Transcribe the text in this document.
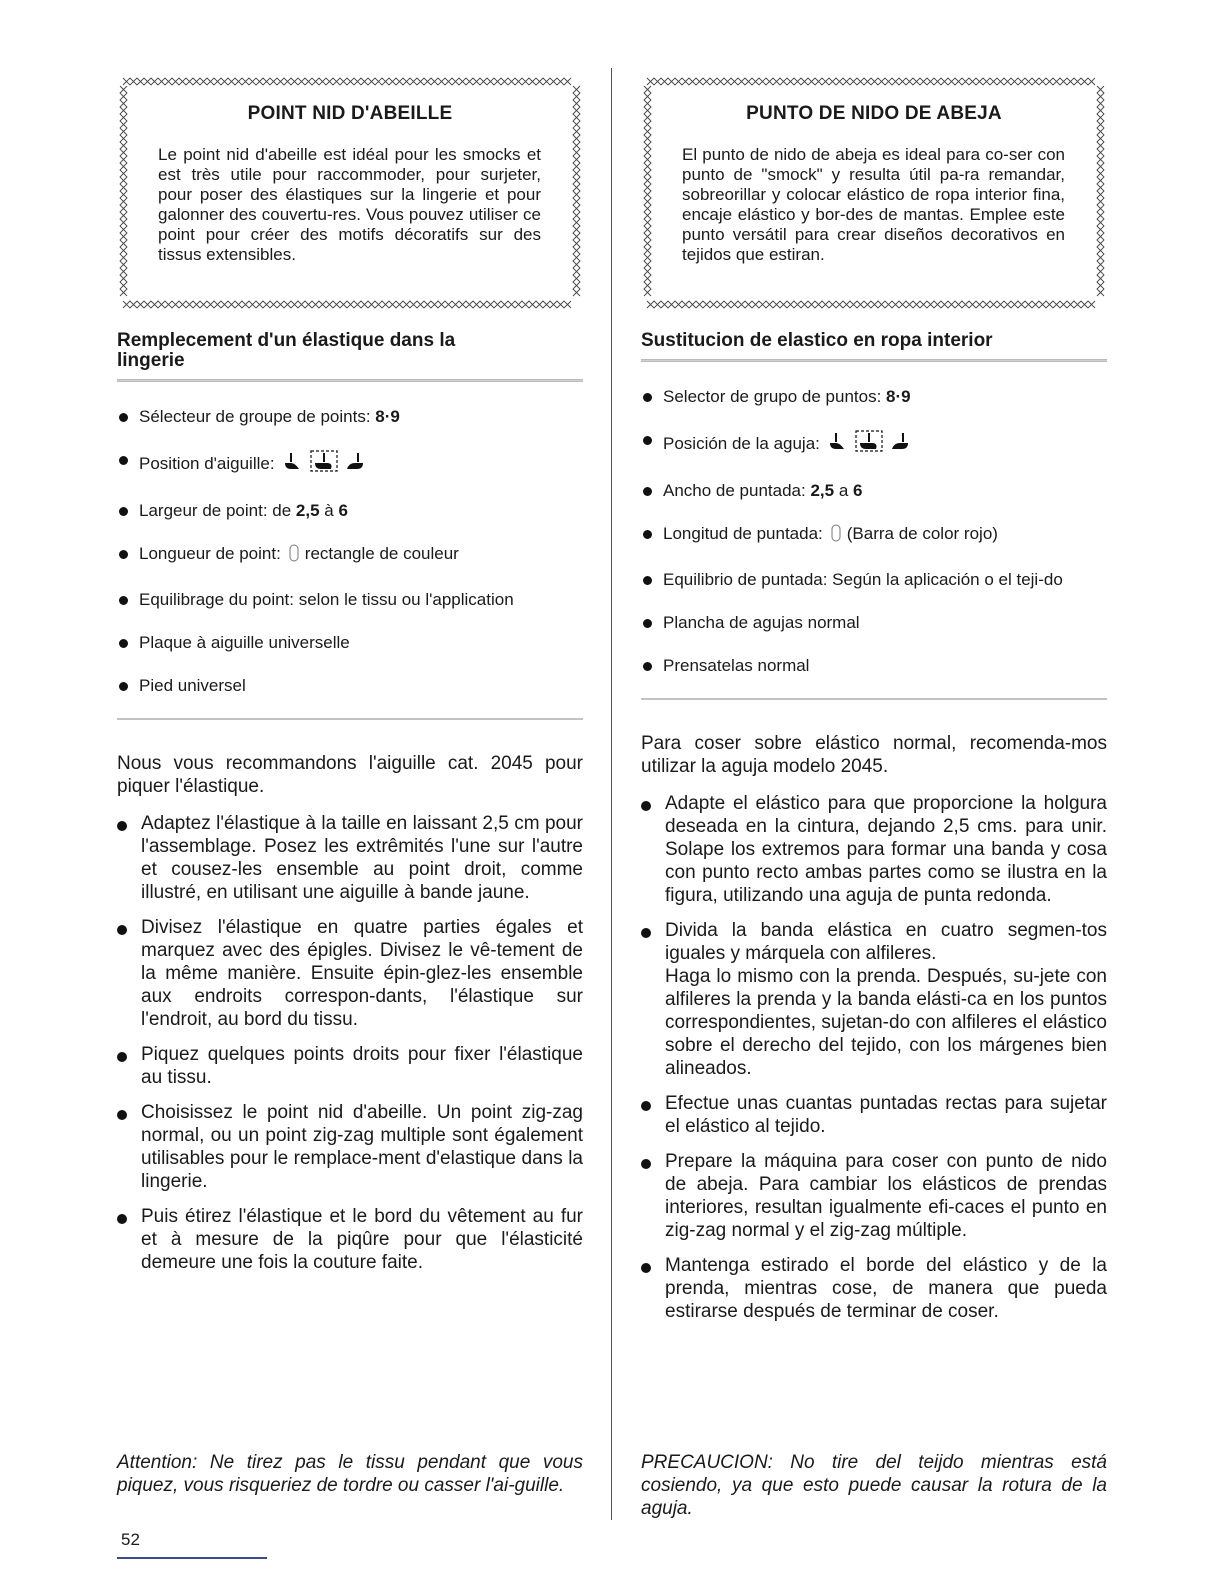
POINT NID D'ABEILLE
Le point nid d'abeille est idéal pour les smocks et est très utile pour raccommoder, pour surjeter, pour poser des élastiques sur la lingerie et pour galonner des couvertu-res. Vous pouvez utiliser ce point pour créer des motifs décoratifs sur des tissus extensibles.
Remplecement d'un élastique dans la lingerie
Sélecteur de groupe de points: 8·9
Position d'aiguille:
Largeur de point: de 2,5 à 6
Longueur de point: rectangle de couleur
Equilibrage du point: selon le tissu ou l'application
Plaque à aiguille universelle
Pied universel

Nous vous recommandons l'aiguille cat. 2045 pour piquer l'élastique.

Adaptez l'élastique à la taille en laissant 2,5 cm pour l'assemblage. Posez les extrêmités l'une sur l'autre et cousez-les ensemble au point droit, comme illustré, en utilisant une aiguille à bande jaune.
Divisez l'élastique en quatre parties égales et marquez avec des épigles. Divisez le vê-tement de la même manière. Ensuite épin-glez-les ensemble aux endroits correspon-dants, l'élastique sur l'endroit, au bord du tissu.
Piquez quelques points droits pour fixer l'élastique au tissu.
Choisissez le point nid d'abeille. Un point zig-zag normal, ou un point zig-zag multiple sont également utilisables pour le remplace-ment d'elastique dans la lingerie.
Puis étirez l'élastique et le bord du vêtement au fur et à mesure de la piqûre pour que l'élasticité demeure une fois la couture faite.
PUNTO DE NIDO DE ABEJA
El punto de nido de abeja es ideal para co-ser con punto de "smock" y resulta útil pa-ra remandar, sobreorillar y colocar elástico de ropa interior fina, encaje elástico y bor-des de mantas. Emplee este punto versátil para crear diseños decorativos en tejidos que estiran.
Sustitucion de elastico en ropa interior
Selector de grupo de puntos: 8·9
Posición de la aguja:
Ancho de puntada: 2,5 a 6
Longitud de puntada: (Barra de color rojo)
Equilibrio de puntada: Según la aplicación o el teji-do
Plancha de agujas normal
Prensatelas normal

Para coser sobre elástico normal, recomenda-mos utilizar la aguja modelo 2045.

Adapte el elástico para que proporcione la holgura deseada en la cintura, dejando 2,5 cms. para unir. Solape los extremos para formar una banda y cosa con punto recto ambas partes como se ilustra en la figura, utilizando una aguja de punta redonda.
Divida la banda elástica en cuatro segmen-tos iguales y márquela con alfileres.
Haga lo mismo con la prenda. Después, su-jete con alfileres la prenda y la banda elásti-ca en los puntos correspondientes, sujetan-do con alfileres el elástico sobre el derecho del tejido, con los márgenes bien alineados.
Efectue unas cuantas puntadas rectas para sujetar el elástico al tejido.
Prepare la máquina para coser con punto de nido de abeja. Para cambiar los elásticos de prendas interiores, resultan igualmente efi-caces el punto en zig-zag normal y el zig-zag múltiple.
Mantenga estirado el borde del elástico y de la prenda, mientras cose, de manera que pueda estirarse después de terminar de coser.

Attention: Ne tirez pas le tissu pendant que vous piquez, vous risqueriez de tordre ou casser l'ai-guille.

PRECAUCION: No tire del teijdo mientras está cosiendo, ya que esto puede causar la rotura de la aguja.

52
